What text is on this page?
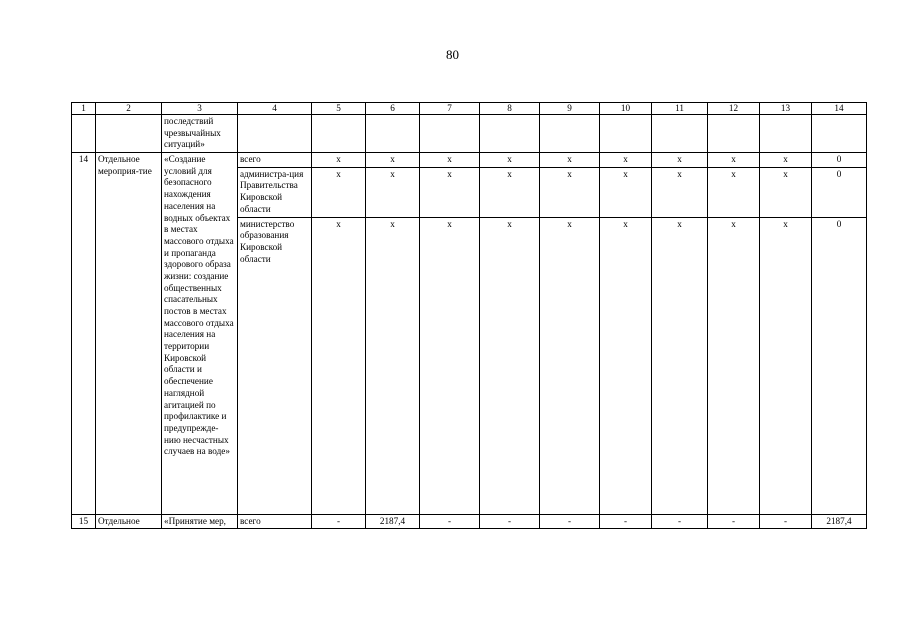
80
1	2	3	4	5	6	7	8	9	10	11	12	13	14
		последствий чрезвычайных ситуаций»											
14	Отдельное мероприя-тие	«Создание условий для безопасного нахождения населения на водных объектах в местах массового отдыха и пропаганда здорового образа жизни: создание общественных спасательных постов в местах массового отдыха населения на территории Кировской области и обеспечение наглядной агитацией по профилактике и предупрежде-нию несчастных случаев на воде»	всего	x	x	x	x	x	x	x	x	x	0
			администра-ция Правительства Кировской области	x	x	x	x	x	x	x	x	x	0
			министерство образования Кировской области	x	x	x	x	x	x	x	x	x	0
15	Отдельное	«Принятие мер,	всего	-	2187,4	-	-	-	-	-	-	-	2187,4
